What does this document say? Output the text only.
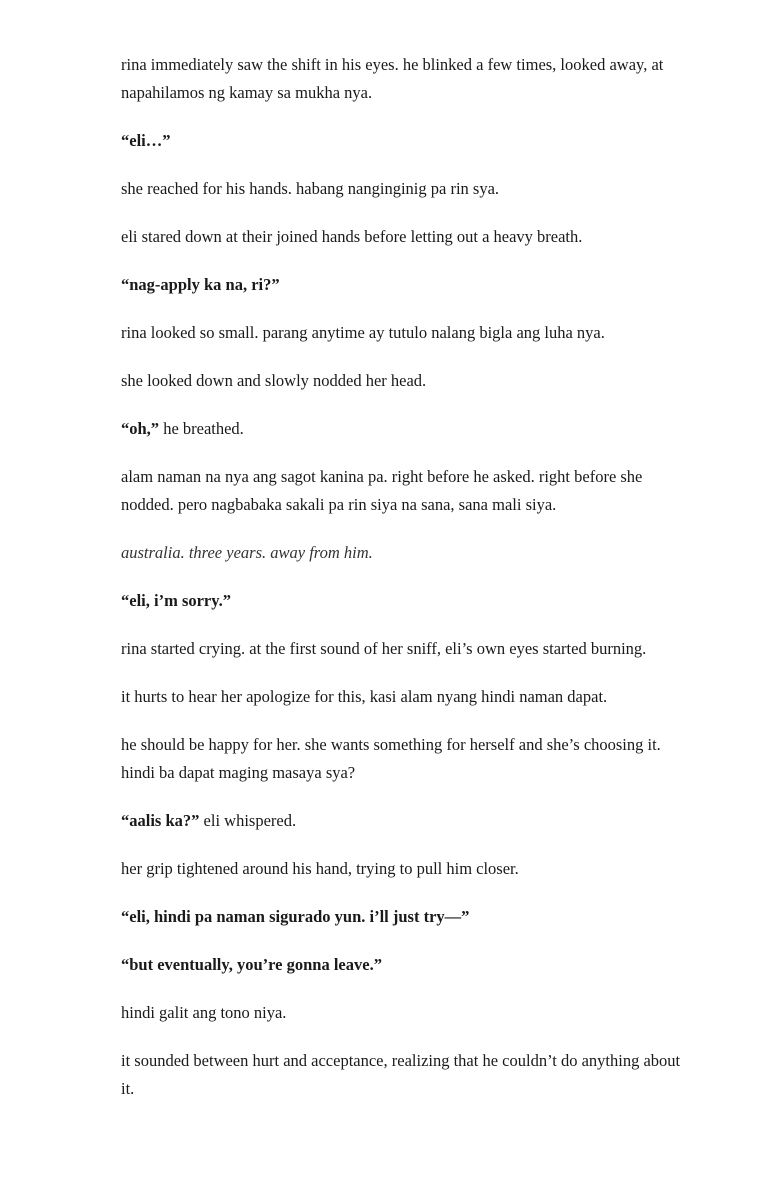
rina immediately saw the shift in his eyes. he blinked a few times, looked away, at napahilamos ng kamay sa mukha nya.

“eli…”

she reached for his hands. habang nanginginig pa rin sya.

eli stared down at their joined hands before letting out a heavy breath.

“nag-apply ka na, ri?”

rina looked so small. parang anytime ay tutulo nalang bigla ang luha nya.

she looked down and slowly nodded her head.

“oh,” he breathed.

alam naman na nya ang sagot kanina pa. right before he asked. right before she nodded. pero nagbabaka sakali pa rin siya na sana, sana mali siya.

australia. three years. away from him.

“eli, i’m sorry.”

rina started crying. at the first sound of her sniff, eli’s own eyes started burning.

it hurts to hear her apologize for this, kasi alam nyang hindi naman dapat.

he should be happy for her. she wants something for herself and she’s choosing it. hindi ba dapat maging masaya sya?

“aalis ka?” eli whispered.

her grip tightened around his hand, trying to pull him closer.

“eli, hindi pa naman sigurado yun. i’ll just try—”

“but eventually, you’re gonna leave.”

hindi galit ang tono niya.

it sounded between hurt and acceptance, realizing that he couldn’t do anything about it.
